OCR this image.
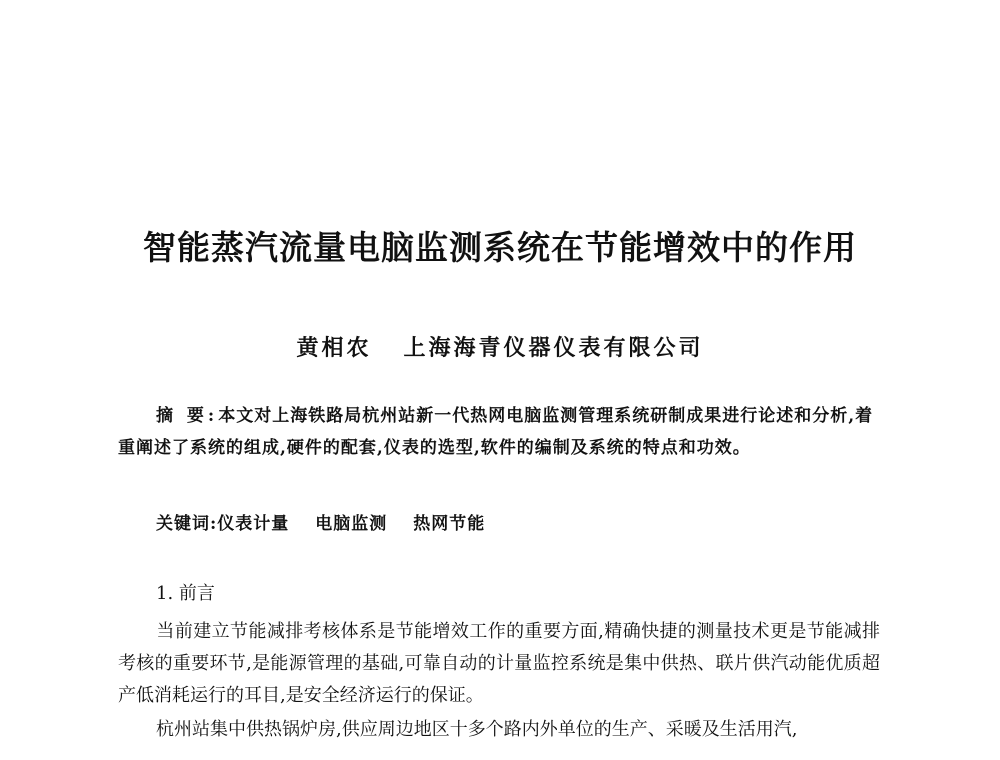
智能蒸汽流量电脑监测系统在节能增效中的作用
黄相农 上海海青仪器仪表有限公司
摘 要:本文对上海铁路局杭州站新一代热网电脑监测管理系统研制成果进行论述和分析,着重阐述了系统的组成,硬件的配套,仪表的选型,软件的编制及系统的特点和功效。
关键词:仪表计量 电脑监测 热网节能
1. 前言
当前建立节能减排考核体系是节能增效工作的重要方面,精确快捷的测量技术更是节能减排考核的重要环节,是能源管理的基础,可靠自动的计量监控系统是集中供热、联片供汽动能优质超产低消耗运行的耳目,是安全经济运行的保证。
杭州站集中供热锅炉房,供应周边地区十多个路内外单位的生产、采暖及生活用汽,
